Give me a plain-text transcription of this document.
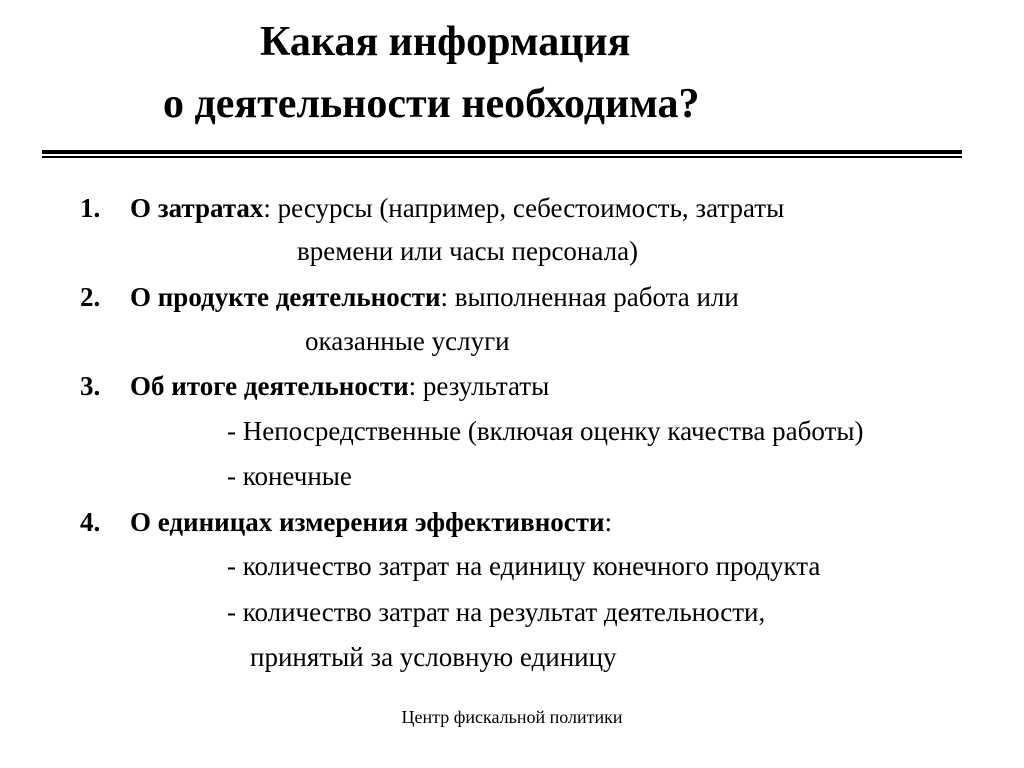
Какая информация
о деятельности необходима?
1. О затратах: ресурсы (например, себестоимость, затраты
времени или часы персонала)
2. О продукте деятельности: выполненная работа или
оказанные услуги
3. Об итоге деятельности: результаты
- Непосредственные (включая оценку качества работы)
- конечные
4. О единицах измерения эффективности:
- количество затрат на единицу конечного продукта
- количество затрат на результат деятельности,
принятый за условную единицу
Центр фискальной политики
